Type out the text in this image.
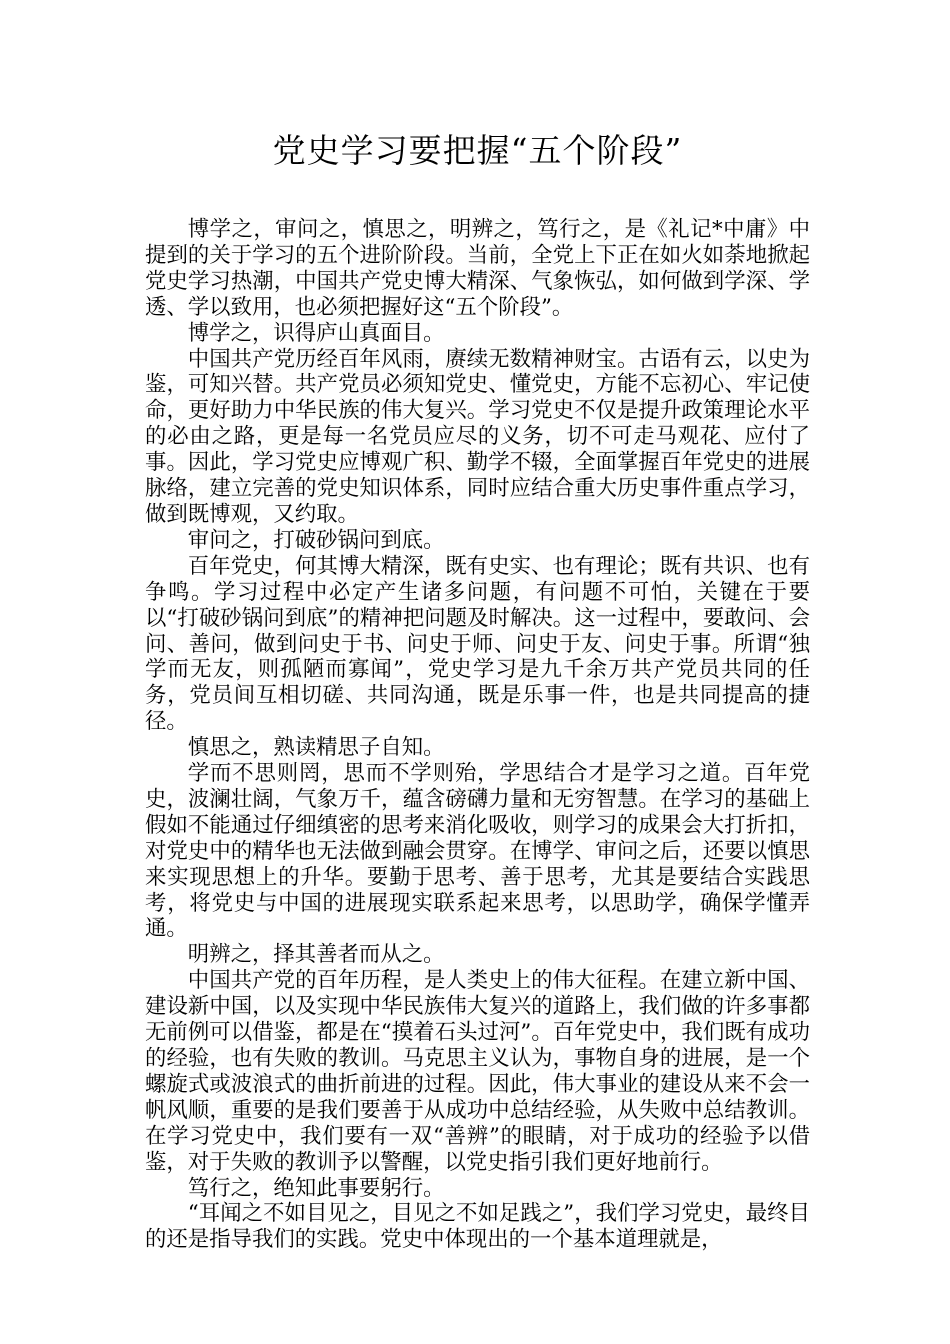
党史学习要把握“五个阶段”

博学之，审问之，慎思之，明辨之，笃行之，是《礼记*中庸》中提到的关于学习的五个进阶阶段。当前，全党上下正在如火如荼地掀起党史学习热潮，中国共产党史博大精深、气象恢弘，如何做到学深、学透、学以致用，也必须把握好这“五个阶段”。

博学之，识得庐山真面目。

中国共产党历经百年风雨，赓续无数精神财宝。古语有云，以史为鉴，可知兴替。共产党员必须知党史、懂党史，方能不忘初心、牢记使命，更好助力中华民族的伟大复兴。学习党史不仅是提升政策理论水平的必由之路，更是每一名党员应尽的义务，切不可走马观花、应付了事。因此，学习党史应博观广积、勤学不辍，全面掌握百年党史的进展脉络，建立完善的党史知识体系，同时应结合重大历史事件重点学习，做到既博观，又约取。

审问之，打破砂锅问到底。

百年党史，何其博大精深，既有史实、也有理论；既有共识、也有争鸣。学习过程中必定产生诸多问题，有问题不可怕，关键在于要以“打破砂锅问到底”的精神把问题及时解决。这一过程中，要敢问、会问、善问，做到问史于书、问史于师、问史于友、问史于事。所谓“独学而无友，则孤陋而寡闻”，党史学习是九千余万共产党员共同的任务，党员间互相切磋、共同沟通，既是乐事一件，也是共同提高的捷径。

慎思之，熟读精思子自知。

学而不思则罔，思而不学则殆，学思结合才是学习之道。百年党史，波澜壮阔，气象万千，蕴含磅礴力量和无穷智慧。在学习的基础上假如不能通过仔细缜密的思考来消化吸收，则学习的成果会大打折扣，对党史中的精华也无法做到融会贯穿。在博学、审问之后，还要以慎思来实现思想上的升华。要勤于思考、善于思考，尤其是要结合实践思考，将党史与中国的进展现实联系起来思考，以思助学，确保学懂弄通。

明辨之，择其善者而从之。

中国共产党的百年历程，是人类史上的伟大征程。在建立新中国、建设新中国，以及实现中华民族伟大复兴的道路上，我们做的许多事都无前例可以借鉴，都是在“摸着石头过河”。百年党史中，我们既有成功的经验，也有失败的教训。马克思主义认为，事物自身的进展，是一个螺旋式或波浪式的曲折前进的过程。因此，伟大事业的建设从来不会一帆风顺，重要的是我们要善于从成功中总结经验，从失败中总结教训。在学习党史中，我们要有一双“善辨”的眼睛，对于成功的经验予以借鉴，对于失败的教训予以警醒，以党史指引我们更好地前行。

笃行之，绝知此事要躬行。

“耳闻之不如目见之，目见之不如足践之”，我们学习党史，最终目的还是指导我们的实践。党史中体现出的一个基本道理就是，
